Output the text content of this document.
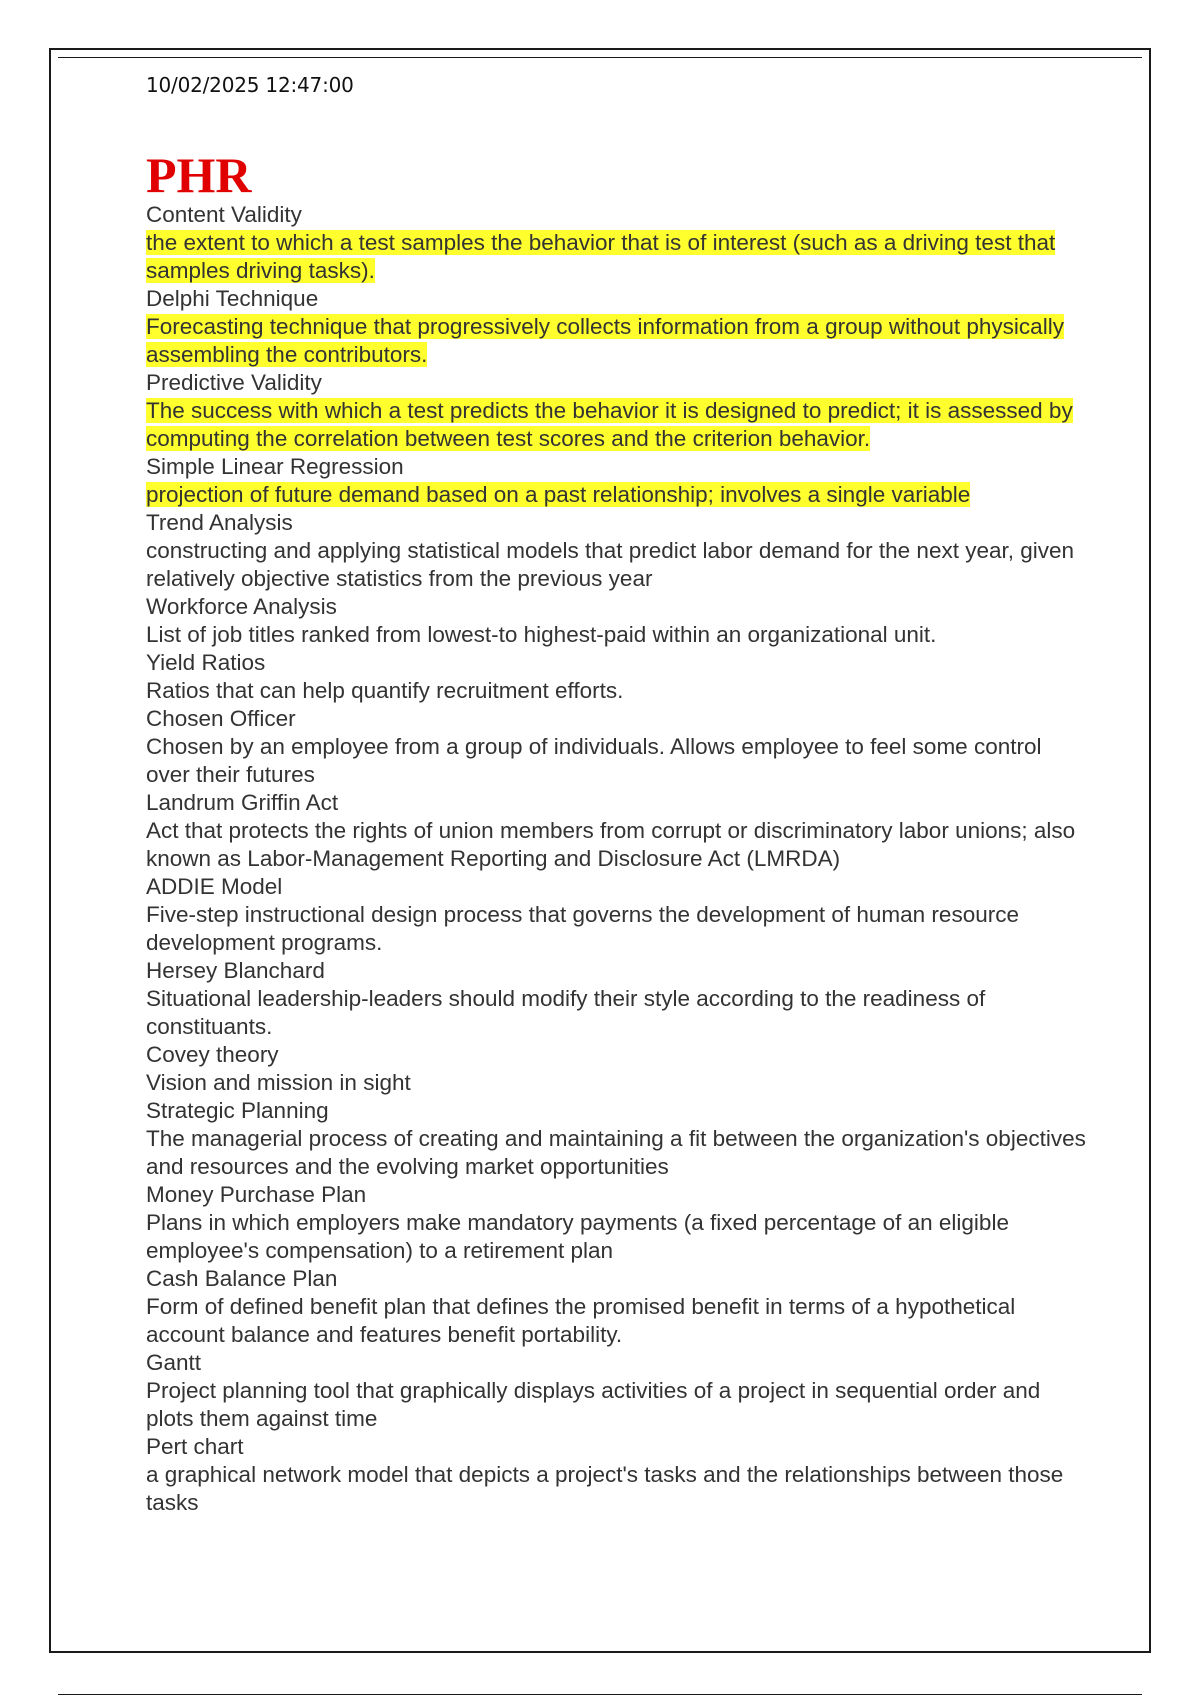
10/02/2025 12:47:00
PHR
Content Validity
the extent to which a test samples the behavior that is of interest (such as a driving test that samples driving tasks).
Delphi Technique
Forecasting technique that progressively collects information from a group without physically assembling the contributors.
Predictive Validity
The success with which a test predicts the behavior it is designed to predict; it is assessed by computing the correlation between test scores and the criterion behavior.
Simple Linear Regression
projection of future demand based on a past relationship; involves a single variable
Trend Analysis
constructing and applying statistical models that predict labor demand for the next year, given relatively objective statistics from the previous year
Workforce Analysis
List of job titles ranked from lowest-to highest-paid within an organizational unit.
Yield Ratios
Ratios that can help quantify recruitment efforts.
Chosen Officer
Chosen by an employee from a group of individuals. Allows employee to feel some control over their futures
Landrum Griffin Act
Act that protects the rights of union members from corrupt or discriminatory labor unions; also known as Labor-Management Reporting and Disclosure Act (LMRDA)
ADDIE Model
Five-step instructional design process that governs the development of human resource development programs.
Hersey Blanchard
Situational leadership-leaders should modify their style according to the readiness of constituants.
Covey theory
Vision and mission in sight
Strategic Planning
The managerial process of creating and maintaining a fit between the organization's objectives and resources and the evolving market opportunities
Money Purchase Plan
Plans in which employers make mandatory payments (a fixed percentage of an eligible employee's compensation) to a retirement plan
Cash Balance Plan
Form of defined benefit plan that defines the promised benefit in terms of a hypothetical account balance and features benefit portability.
Gantt
Project planning tool that graphically displays activities of a project in sequential order and plots them against time
Pert chart
a graphical network model that depicts a project's tasks and the relationships between those tasks
